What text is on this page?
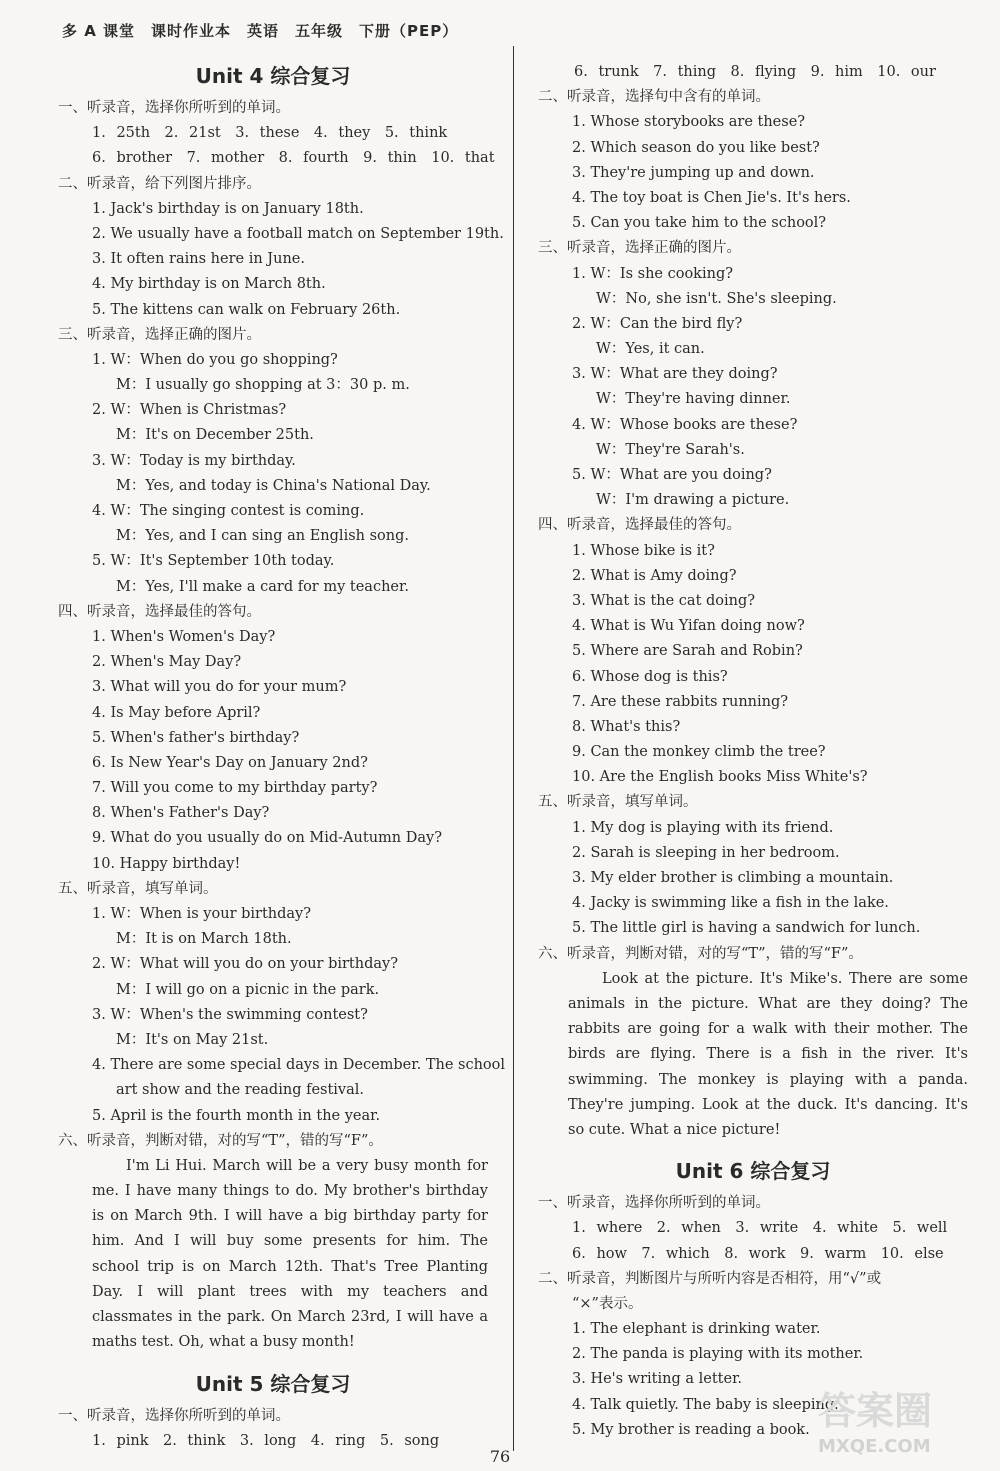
多 A 课堂　课时作业本　英语　五年级　下册（PEP）
Unit 4 综合复习
一、听录音，选择你所听到的单词。
1. 25th　2. 21st　3. these　4. they　5. think
6. brother　7. mother　8. fourth　9. thin　10. that
二、听录音，给下列图片排序。
1. Jack's birthday is on January 18th.
2. We usually have a football match on September 19th.
3. It often rains here in June.
4. My birthday is on March 8th.
5. The kittens can walk on February 26th.
三、听录音，选择正确的图片。
1. W：When do you go shopping?
M：I usually go shopping at 3：30 p. m.
2. W：When is Christmas?
M：It's on December 25th.
3. W：Today is my birthday.
M：Yes, and today is China's National Day.
4. W：The singing contest is coming.
M：Yes, and I can sing an English song.
5. W：It's September 10th today.
M：Yes, I'll make a card for my teacher.
四、听录音，选择最佳的答句。
1. When's Women's Day?
2. When's May Day?
3. What will you do for your mum?
4. Is May before April?
5. When's father's birthday?
6. Is New Year's Day on January 2nd?
7. Will you come to my birthday party?
8. When's Father's Day?
9. What do you usually do on Mid-Autumn Day?
10. Happy birthday!
五、听录音，填写单词。
1. W：When is your birthday?
M：It is on March 18th.
2. W：What will you do on your birthday?
M：I will go on a picnic in the park.
3. W：When's the swimming contest?
M：It's on May 21st.
4. There are some special days in December. The school
art show and the reading festival.
5. April is the fourth month in the year.
六、听录音，判断对错，对的写“T”，错的写“F”。

I'm Li Hui. March will be a very busy month for me. I have many things to do. My brother's birthday is on March 9th. I will have a big birthday party for him. And I will buy some presents for him. The school trip is on March 12th. That's Tree Planting Day. I will plant trees with my teachers and classmates in the park. On March 23rd, I will have a maths test. Oh, what a busy month!

Unit 5 综合复习
一、听录音，选择你所听到的单词。
1. pink　2. think　3. long　4. ring　5. song
6. trunk　7. thing　8. flying　9. him　10. our
二、听录音，选择句中含有的单词。
1. Whose storybooks are these?
2. Which season do you like best?
3. They're jumping up and down.
4. The toy boat is Chen Jie's. It's hers.
5. Can you take him to the school?
三、听录音，选择正确的图片。
1. W：Is she cooking?
W：No, she isn't. She's sleeping.
2. W：Can the bird fly?
W：Yes, it can.
3. W：What are they doing?
W：They're having dinner.
4. W：Whose books are these?
W：They're Sarah's.
5. W：What are you doing?
W：I'm drawing a picture.
四、听录音，选择最佳的答句。
1. Whose bike is it?
2. What is Amy doing?
3. What is the cat doing?
4. What is Wu Yifan doing now?
5. Where are Sarah and Robin?
6. Whose dog is this?
7. Are these rabbits running?
8. What's this?
9. Can the monkey climb the tree?
10. Are the English books Miss White's?
五、听录音，填写单词。
1. My dog is playing with its friend.
2. Sarah is sleeping in her bedroom.
3. My elder brother is climbing a mountain.
4. Jacky is swimming like a fish in the lake.
5. The little girl is having a sandwich for lunch.
六、听录音，判断对错，对的写“T”，错的写“F”。

Look at the picture. It's Mike's. There are some animals in the picture. What are they doing? The rabbits are going for a walk with their mother. The birds are flying. There is a fish in the river. It's swimming. The monkey is playing with a panda. They're jumping. Look at the duck. It's dancing. It's so cute. What a nice picture!

Unit 6 综合复习
一、听录音，选择你所听到的单词。
1. where　2. when　3. write　4. white　5. well
6. how　7. which　8. work　9. warm　10. else
二、听录音，判断图片与所听内容是否相符，用“√”或
“×”表示。
1. The elephant is drinking water.
2. The panda is playing with its mother.
3. He's writing a letter.
4. Talk quietly. The baby is sleeping.
5. My brother is reading a book.
76
答案圈
MXQE.COM
